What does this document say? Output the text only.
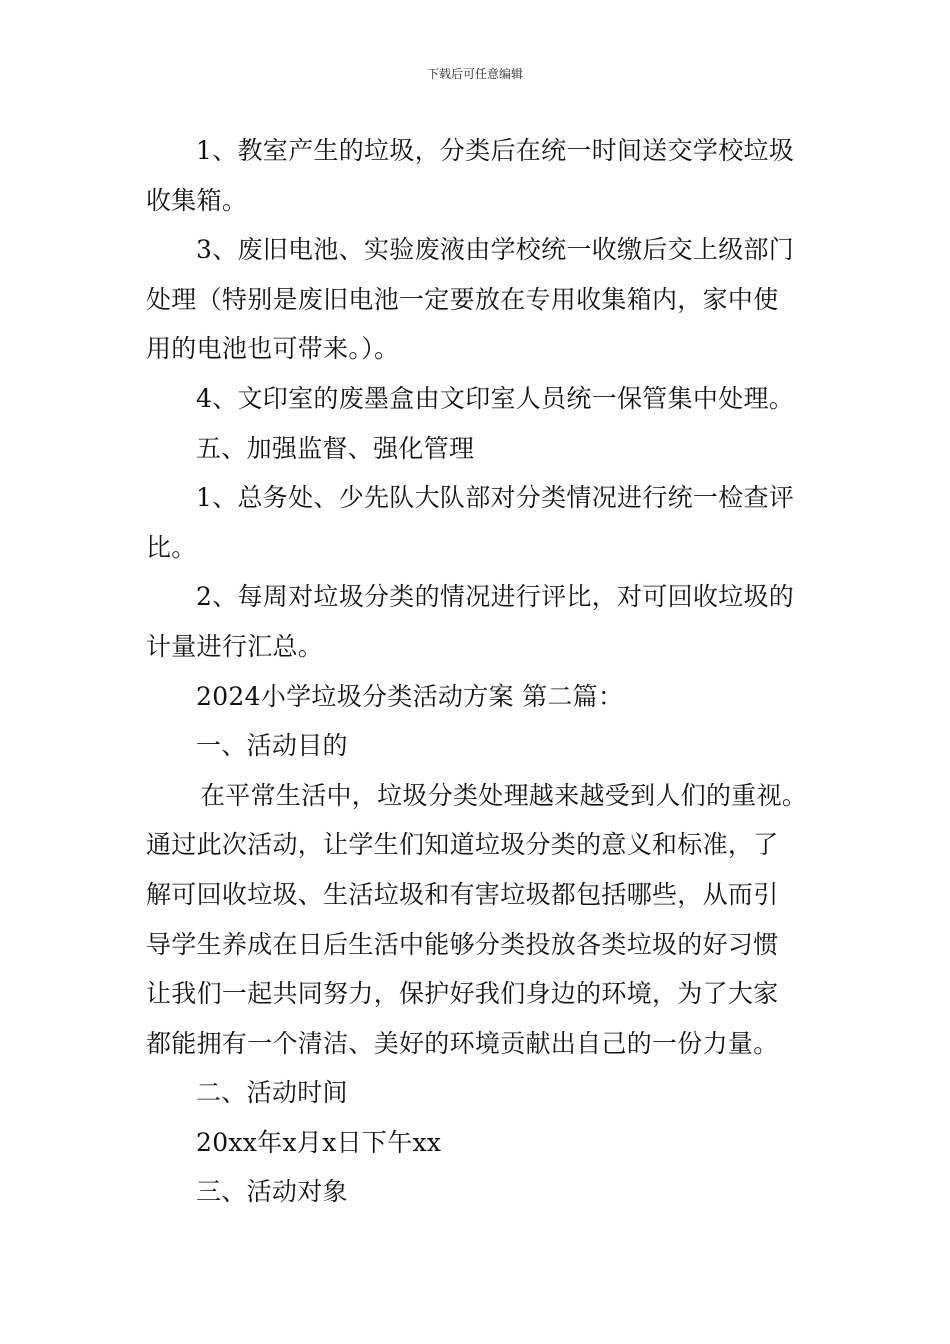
下载后可任意编辑

1、教室产生的垃圾，分类后在统一时间送交学校垃圾

收集箱。

3、废旧电池、实验废液由学校统一收缴后交上级部门

处理（特别是废旧电池一定要放在专用收集箱内，家中使

用的电池也可带来。）。

4、文印室的废墨盒由文印室人员统一保管集中处理。

五、加强监督、强化管理

1、总务处、少先队大队部对分类情况进行统一检查评

比。

2、每周对垃圾分类的情况进行评比，对可回收垃圾的

计量进行汇总。

2024小学垃圾分类活动方案 第二篇：

一、活动目的

在平常生活中，垃圾分类处理越来越受到人们的重视。

通过此次活动，让学生们知道垃圾分类的意义和标准，了

解可回收垃圾、生活垃圾和有害垃圾都包括哪些，从而引

导学生养成在日后生活中能够分类投放各类垃圾的好习惯

让我们一起共同努力，保护好我们身边的环境，为了大家

都能拥有一个清洁、美好的环境贡献出自己的一份力量。

二、活动时间

20xx年x月x日下午xx

三、活动对象
